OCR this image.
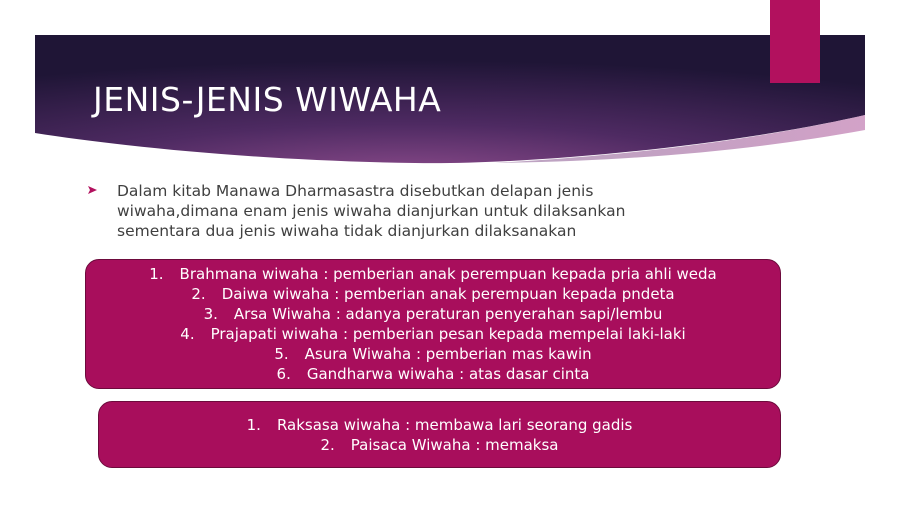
JENIS-JENIS WIWAHA
Dalam kitab Manawa Dharmasastra disebutkan delapan jenis
wiwaha,dimana enam jenis wiwaha dianjurkan untuk dilaksankan
sementara dua jenis wiwaha tidak dianjurkan dilaksanakan
1. Brahmana wiwaha : pemberian anak perempuan kepada pria ahli weda
2. Daiwa wiwaha : pemberian anak perempuan kepada pndeta
3. Arsa Wiwaha : adanya peraturan penyerahan sapi/lembu
4. Prajapati wiwaha : pemberian pesan kepada mempelai laki-laki
5. Asura Wiwaha : pemberian mas kawin
6. Gandharwa wiwaha : atas dasar cinta
1. Raksasa wiwaha : membawa lari seorang gadis
2. Paisaca Wiwaha : memaksa
